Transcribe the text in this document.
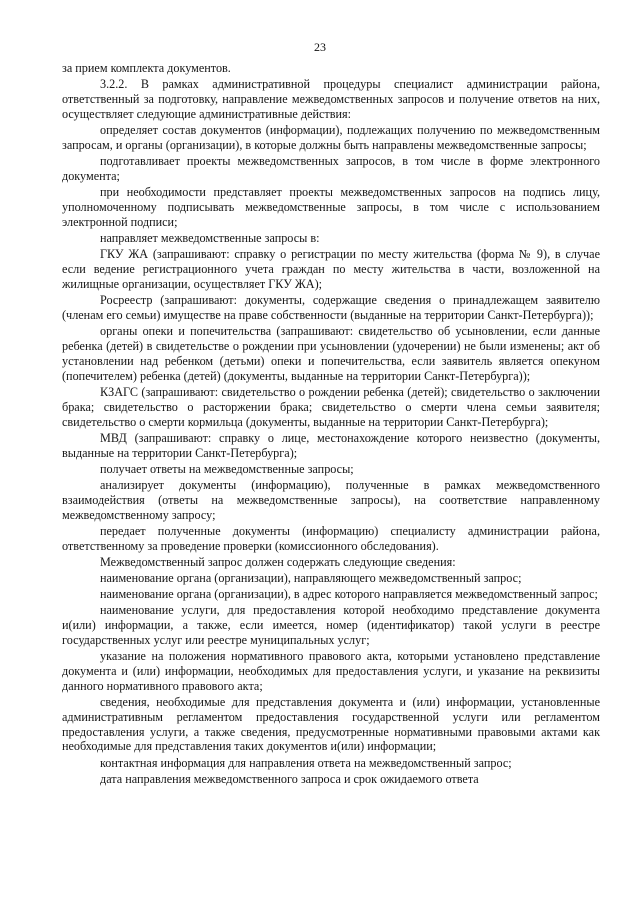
23

за прием комплекта документов.

3.2.2. В рамках административной процедуры специалист администрации района, ответственный за подготовку, направление межведомственных запросов и получение ответов на них, осуществляет следующие административные действия:

определяет состав документов (информации), подлежащих получению по межведомственным запросам, и органы (организации), в которые должны быть направлены межведомственные запросы;

подготавливает проекты межведомственных запросов, в том числе в форме электронного документа;

при необходимости представляет проекты межведомственных запросов на подпись лицу, уполномоченному подписывать межведомственные запросы, в том числе с использованием электронной подписи;

направляет межведомственные запросы в:

ГКУ ЖА (запрашивают: справку о регистрации по месту жительства (форма № 9), в случае если ведение регистрационного учета граждан по месту жительства в части, возложенной на жилищные организации, осуществляет ГКУ ЖА);

Росреестр (запрашивают: документы, содержащие сведения о принадлежащем заявителю (членам его семьи) имуществе на праве собственности (выданные на территории Санкт-Петербурга));

органы опеки и попечительства (запрашивают: свидетельство об усыновлении, если данные ребенка (детей) в свидетельстве о рождении при усыновлении (удочерении) не были изменены; акт об установлении над ребенком (детьми) опеки и попечительства, если заявитель является опекуном (попечителем) ребенка (детей) (документы, выданные на территории Санкт-Петербурга));

КЗАГС (запрашивают: свидетельство о рождении ребенка (детей); свидетельство о заключении брака; свидетельство о расторжении брака; свидетельство о смерти члена семьи заявителя; свидетельство о смерти кормильца (документы, выданные на территории Санкт-Петербурга);

МВД (запрашивают: справку о лице, местонахождение которого неизвестно (документы, выданные на территории Санкт-Петербурга);

получает ответы на межведомственные запросы;

анализирует документы (информацию), полученные в рамках межведомственного взаимодействия (ответы на межведомственные запросы), на соответствие направленному межведомственному запросу;

передает полученные документы (информацию) специалисту администрации района, ответственному за проведение проверки (комиссионного обследования).

Межведомственный запрос должен содержать следующие сведения:

наименование органа (организации), направляющего межведомственный запрос;

наименование органа (организации), в адрес которого направляется межведомственный запрос;

наименование услуги, для предоставления которой необходимо представление документа и(или) информации, а также, если имеется, номер (идентификатор) такой услуги в реестре государственных услуг или реестре муниципальных услуг;

указание на положения нормативного правового акта, которыми установлено представление документа и (или) информации, необходимых для предоставления услуги, и указание на реквизиты данного нормативного правового акта;

сведения, необходимые для представления документа и (или) информации, установленные административным регламентом предоставления государственной услуги или регламентом предоставления услуги, а также сведения, предусмотренные нормативными правовыми актами как необходимые для представления таких документов и(или) информации;

контактная информация для направления ответа на межведомственный запрос;

дата направления межведомственного запроса и срок ожидаемого ответа
